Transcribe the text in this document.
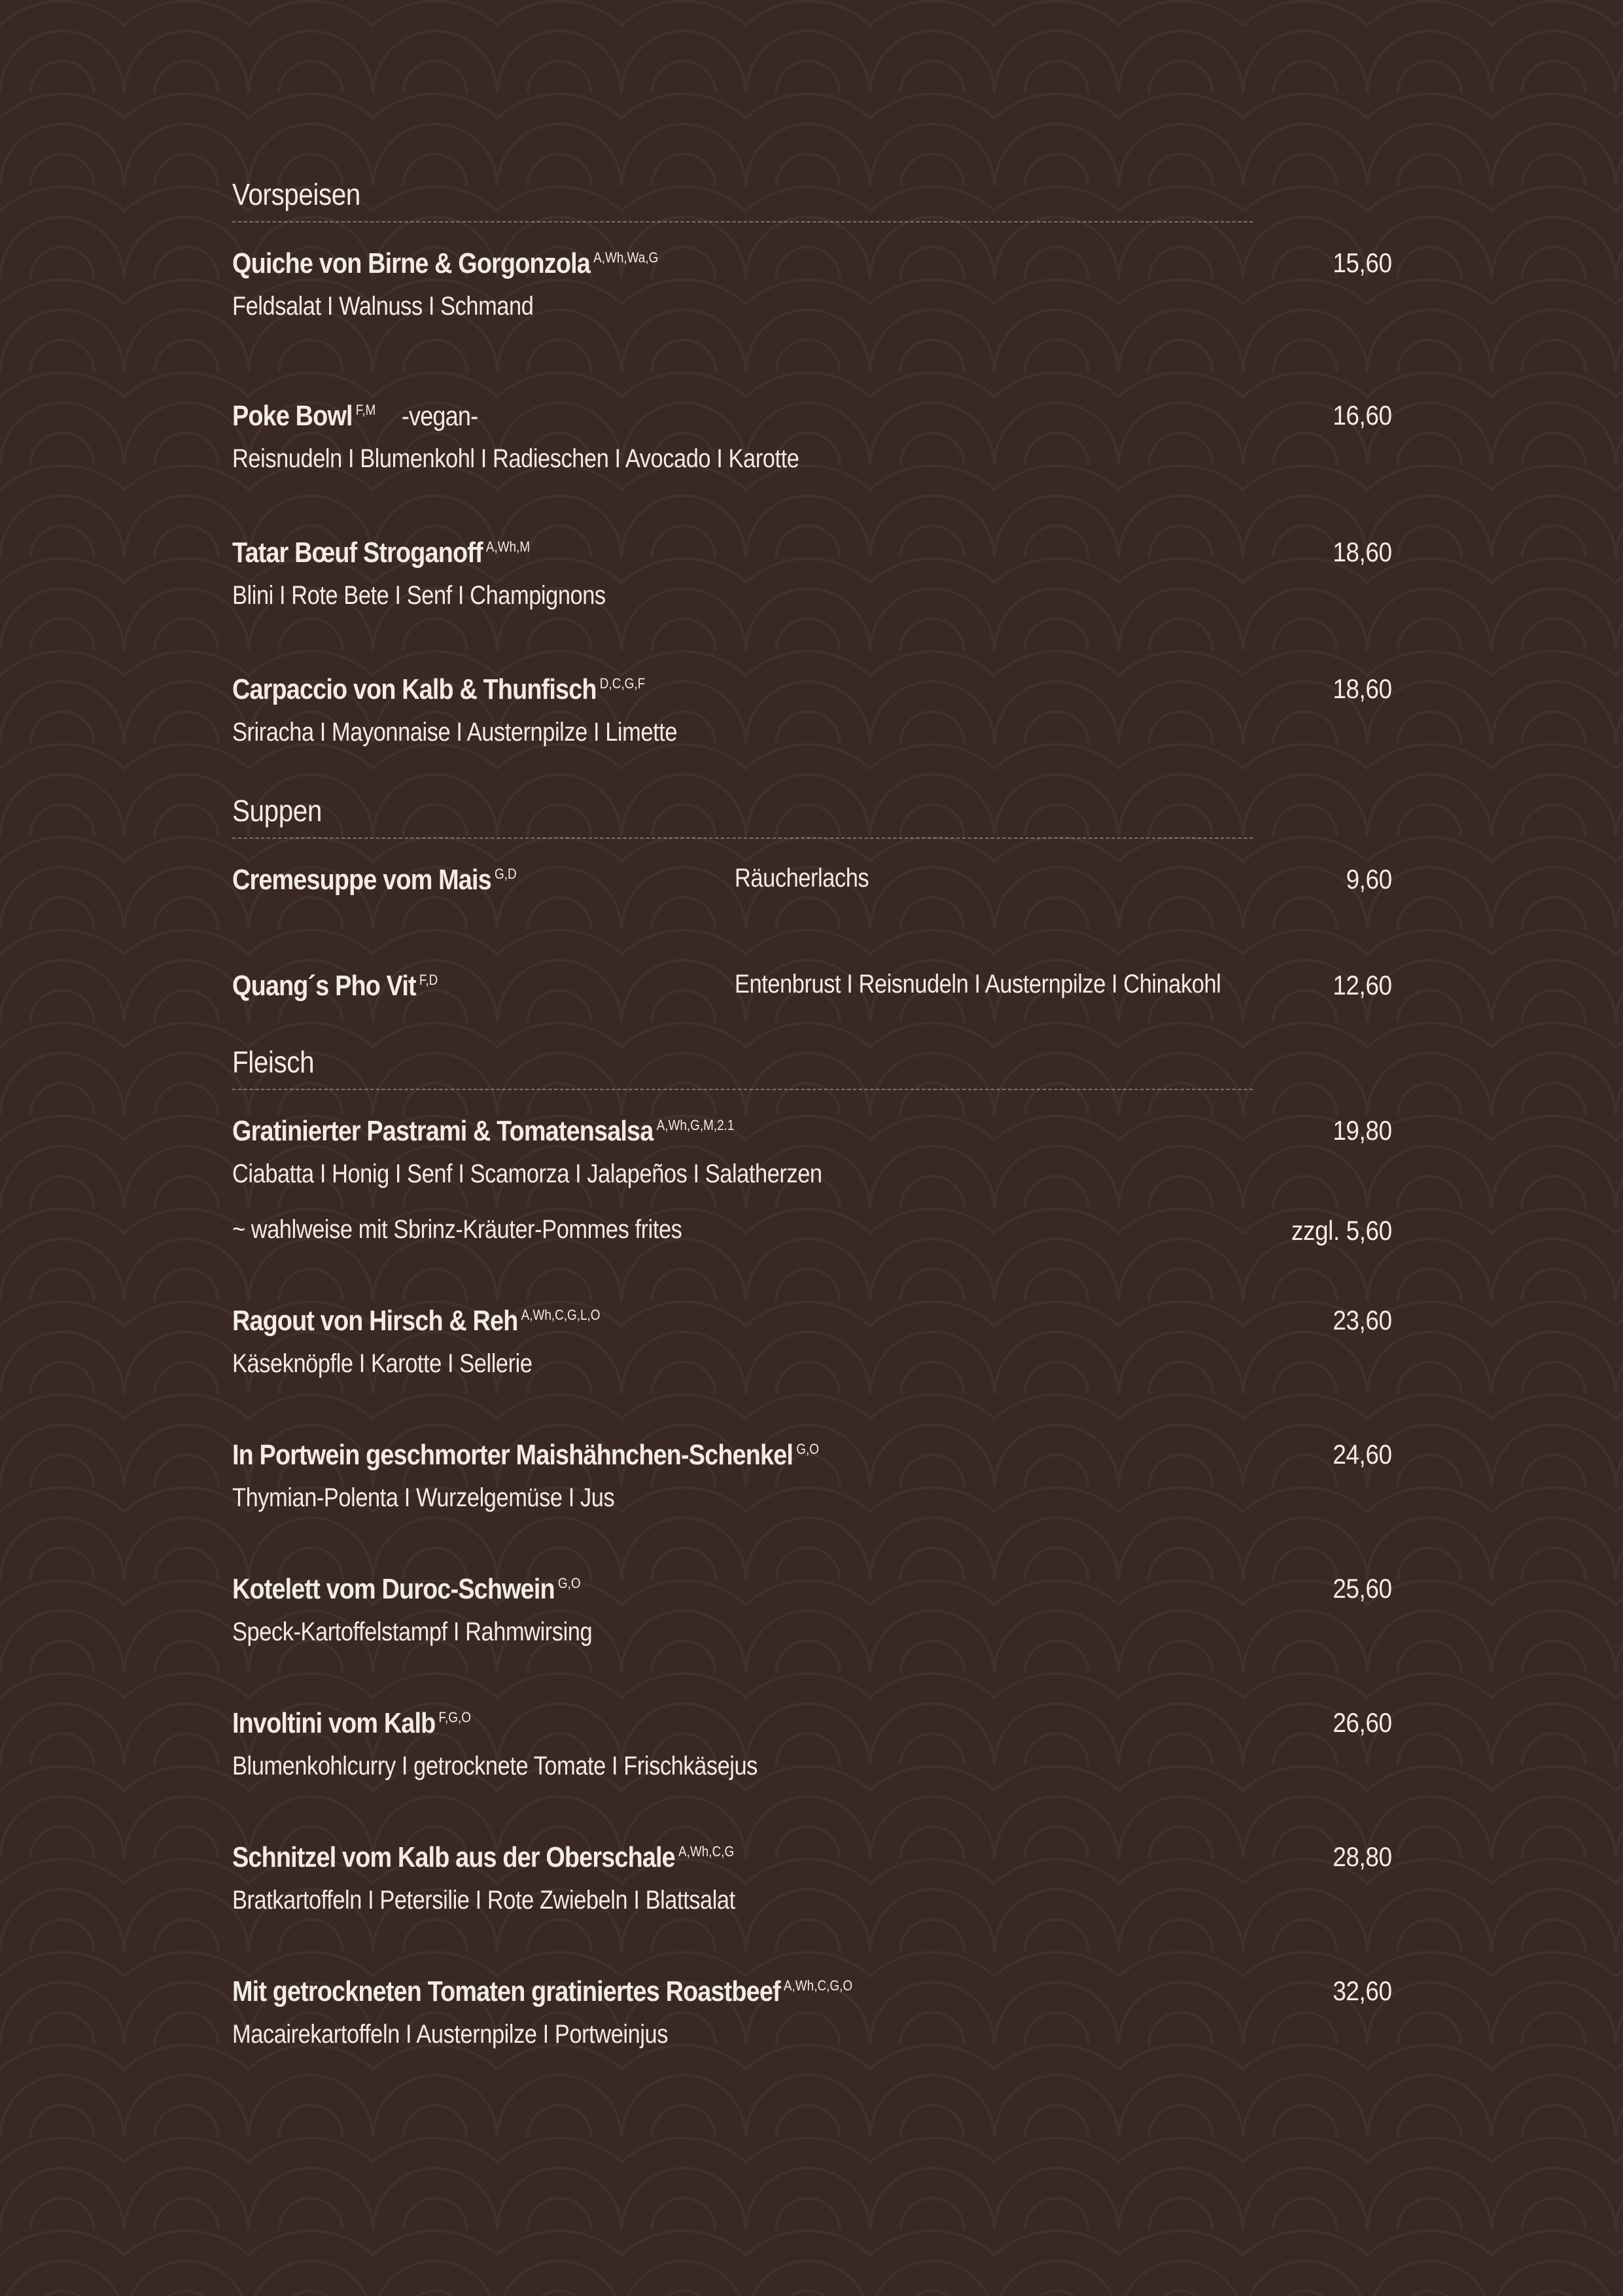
Vorspeisen
Quiche von Birne & Gorgonzola $^{A,Wh,Wa,G}$	15,60
Feldsalat I Walnuss I Schmand
Poke Bowl $^{F,M}$ -vegan-	16,60
Reisnudeln I Blumenkohl I Radieschen I Avocado I Karotte
Tatar Bœuf Stroganoff $^{A,Wh,M}$	18,60
Blini I Rote Bete I Senf I Champignons
Carpaccio von Kalb & Thunfisch $^{D,C,G,F}$	18,60
Sriracha I Mayonnaise I Austernpilze I Limette
Suppen
Cremesuppe vom Mais $^{G,D}$	Räucherlachs	9,60
Quang´s Pho Vit $^{F,D}$	Entenbrust I Reisnudeln I Austernpilze I Chinakohl	12,60
Fleisch
Gratinierter Pastrami & Tomatensalsa $^{A,Wh,G,M,2.1}$	19,80
Ciabatta I Honig I Senf I Scamorza I Jalapeños I Salatherzen
~ wahlweise mit Sbrinz-Kräuter-Pommes frites	zzgl. 5,60
Ragout von Hirsch & Reh $^{A,Wh,C,G,L,O}$	23,60
Käseknöpfle I Karotte I Sellerie
In Portwein geschmorter Maishähnchen-Schenkel $^{G,O}$	24,60
Thymian-Polenta I Wurzelgemüse I Jus
Kotelett vom Duroc-Schwein $^{G,O}$	25,60
Speck-Kartoffelstampf I Rahmwirsing
Involtini vom Kalb $^{F,G,O}$	26,60
Blumenkohlcurry I getrocknete Tomate I Frischkäsejus
Schnitzel vom Kalb aus der Oberschale $^{A,Wh,C,G}$	28,80
Bratkartoffeln I Petersilie I Rote Zwiebeln I Blattsalat
Mit getrockneten Tomaten gratiniertes Roastbeef $^{A,Wh,C,G,O}$	32,60
Macairekartoffeln I Austernpilze I Portweinjus
